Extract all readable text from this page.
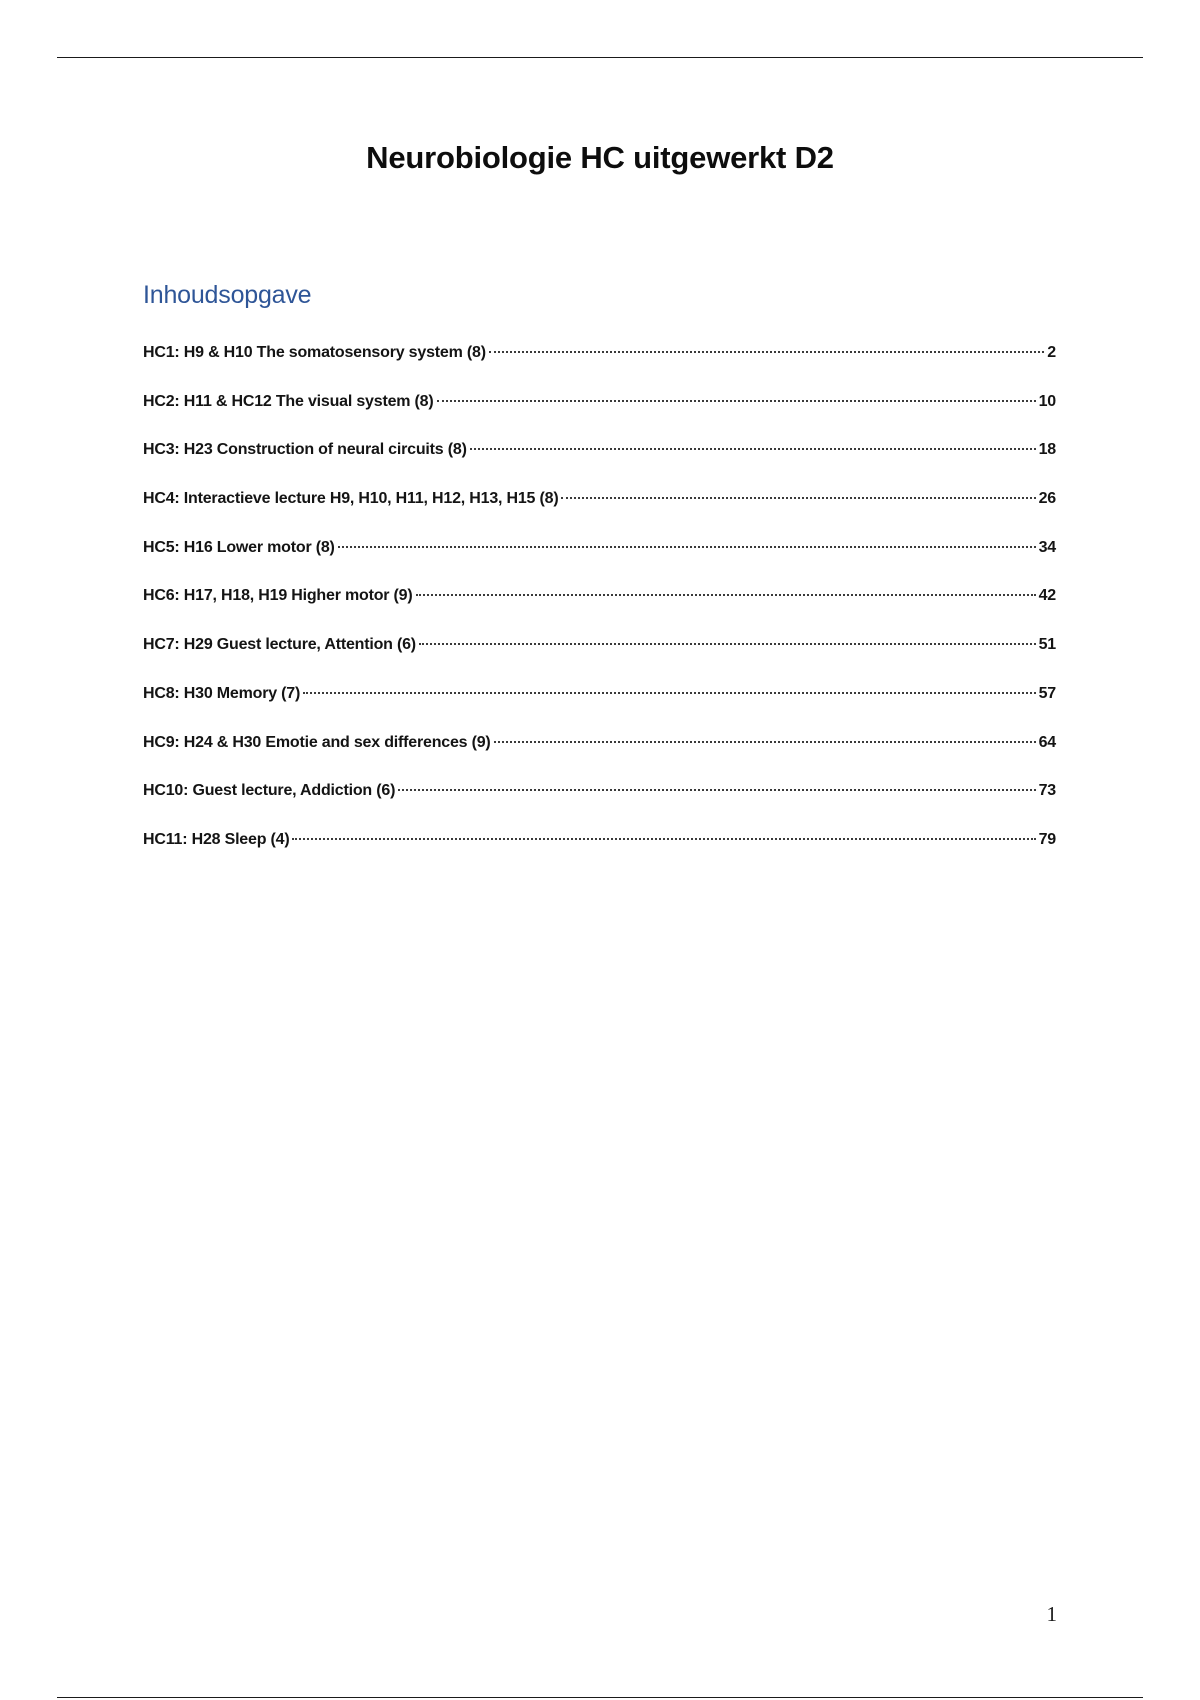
Neurobiologie HC uitgewerkt D2
Inhoudsopgave
HC1: H9 & H10 The somatosensory system (8)	2
HC2: H11 & HC12 The visual system (8)	10
HC3: H23 Construction of neural circuits (8)	18
HC4: Interactieve lecture H9, H10, H11, H12, H13, H15 (8)	26
HC5: H16 Lower motor (8)	34
HC6: H17, H18, H19 Higher motor (9)	42
HC7: H29 Guest lecture, Attention (6)	51
HC8: H30 Memory (7)	57
HC9: H24 & H30 Emotie and sex differences (9)	64
HC10: Guest lecture, Addiction (6)	73
HC11: H28 Sleep (4)	79
1
